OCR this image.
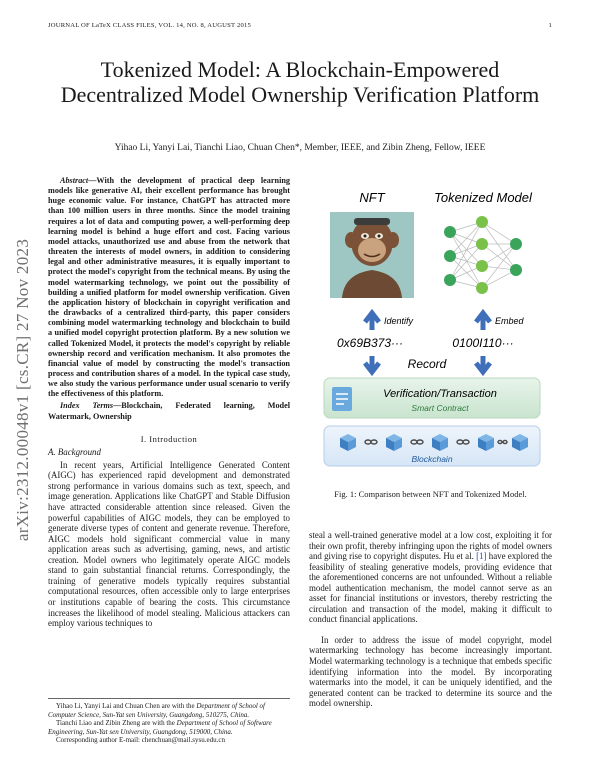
JOURNAL OF LaTeX CLASS FILES, VOL. 14, NO. 8, AUGUST 2015	1
arXiv:2312.00048v1 [cs.CR] 27 Nov 2023
Tokenized Model: A Blockchain-Empowered Decentralized Model Ownership Verification Platform
Yihao Li, Yanyi Lai, Tianchi Liao, Chuan Chen*, Member, IEEE, and Zibin Zheng, Fellow, IEEE

Abstract—With the development of practical deep learning models like generative AI, their excellent performance has brought huge economic value. For instance, ChatGPT has attracted more than 100 million users in three months. Since the model training requires a lot of data and computing power, a well-performing deep learning model is behind a huge effort and cost. Facing various model attacks, unauthorized use and abuse from the network that threaten the interests of model owners, in addition to considering legal and other administrative measures, it is equally important to protect the model's copyright from the technical means. By using the model watermarking technology, we point out the possibility of building a unified platform for model ownership verification. Given the application history of blockchain in copyright verification and the drawbacks of a centralized third-party, this paper considers combining model watermarking technology and blockchain to build a unified model copyright protection platform. By a new solution we called Tokenized Model, it protects the model's copyright by reliable ownership record and verification mechanism. It also promotes the financial value of model by constructing the model's transaction process and contribution shares of a model. In the typical case study, we also study the various performance under usual scenario to verify the effectiveness of this platform.

Index Terms—Blockchain, Federated learning, Model Watermark, Ownership

I. Introduction
A. Background

In recent years, Artificial Intelligence Generated Content (AIGC) has experienced rapid development and demonstrated strong performance in various domains such as text, speech, and image generation. Applications like ChatGPT and Stable Diffusion have attracted considerable attention since released. Given the powerful capabilities of AIGC models, they can be employed to generate diverse types of content and generate revenue. Therefore, AIGC models hold significant commercial value in many application areas such as advertising, gaming, news, and artistic creation. Model owners who legitimately operate AIGC models stand to gain substantial financial returns. Correspondingly, the training of generative models typically requires substantial computational resources, often accessible only to large enterprises or institutions capable of bearing the costs. This circumstance increases the likelihood of model stealing. Malicious attackers can employ various techniques to

Yihao Li, Yanyi Lai and Chuan Chen are with the Department of School of Computer Science, Sun-Yat sen University, Guangdong, 510275, China.
Tianchi Liao and Zibin Zheng are with the Department of School of Software Engineering, Sun-Yat sen University, Guangdong, 519000, China.
Corresponding author E-mail: chenchuan@mail.sysu.edu.cn
NFT	Tokenized Model
Identify	Embed
0x69B373···	0100I110···
Record
Verification/Transaction
Smart Contract
Blockchain
Fig. 1: Comparison between NFT and Tokenized Model.

steal a well-trained generative model at a low cost, exploiting it for their own profit, thereby infringing upon the rights of model owners and giving rise to copyright disputes. Hu et al. [1] have explored the feasibility of stealing generative models, providing evidence that the aforementioned concerns are not unfounded. Without a reliable model authentication mechanism, the model cannot serve as an asset for financial institutions or investors, thereby restricting the circulation and transaction of the model, making it difficult to conduct financial applications.

In order to address the issue of model copyright, model watermarking technology has become increasingly important. Model watermarking technology is a technique that embeds specific identifying information into the model. By incorporating watermarks into the model, it can be uniquely identified, and the generated content can be tracked to determine its source and the model ownership.
